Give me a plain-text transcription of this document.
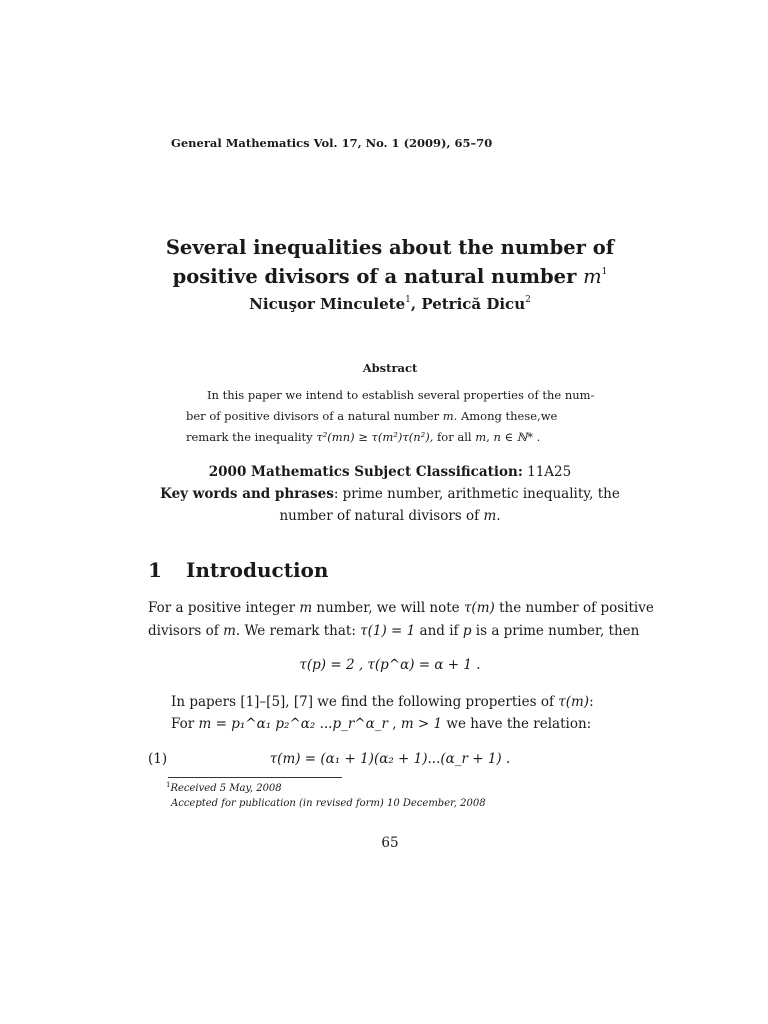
General Mathematics Vol. 17, No. 1 (2009), 65–70
Several inequalities about the number of
positive divisors of a natural number $m^1$
Nicuşor Minculete$^1$, Petrică Dicu$^2$
Abstract
In this paper we intend to establish several properties of the num-
ber of positive divisors of a natural number m. Among these,we
remark the inequality τ²(mn) ≥ τ(m²)τ(n²), for all m, n ∈ ℕ* .
2000 Mathematics Subject Classification: 11A25
Key words and phrases: prime number, arithmetic inequality, the
number of natural divisors of m.
1 Introduction
For a positive integer m number, we will note τ(m) the number of positive
divisors of m. We remark that: τ(1) = 1 and if p is a prime number, then
τ(p) = 2 , τ(p^α) = α + 1 .
In papers [1]–[5], [7] we find the following properties of τ(m):
For m = p₁^α₁ p₂^α₂ ...p_r^α_r , m > 1 we have the relation:
(1)	τ(m) = (α₁ + 1)(α₂ + 1)...(α_r + 1) .
$^1$Received 5 May, 2008
Accepted for publication (in revised form) 10 December, 2008
65
